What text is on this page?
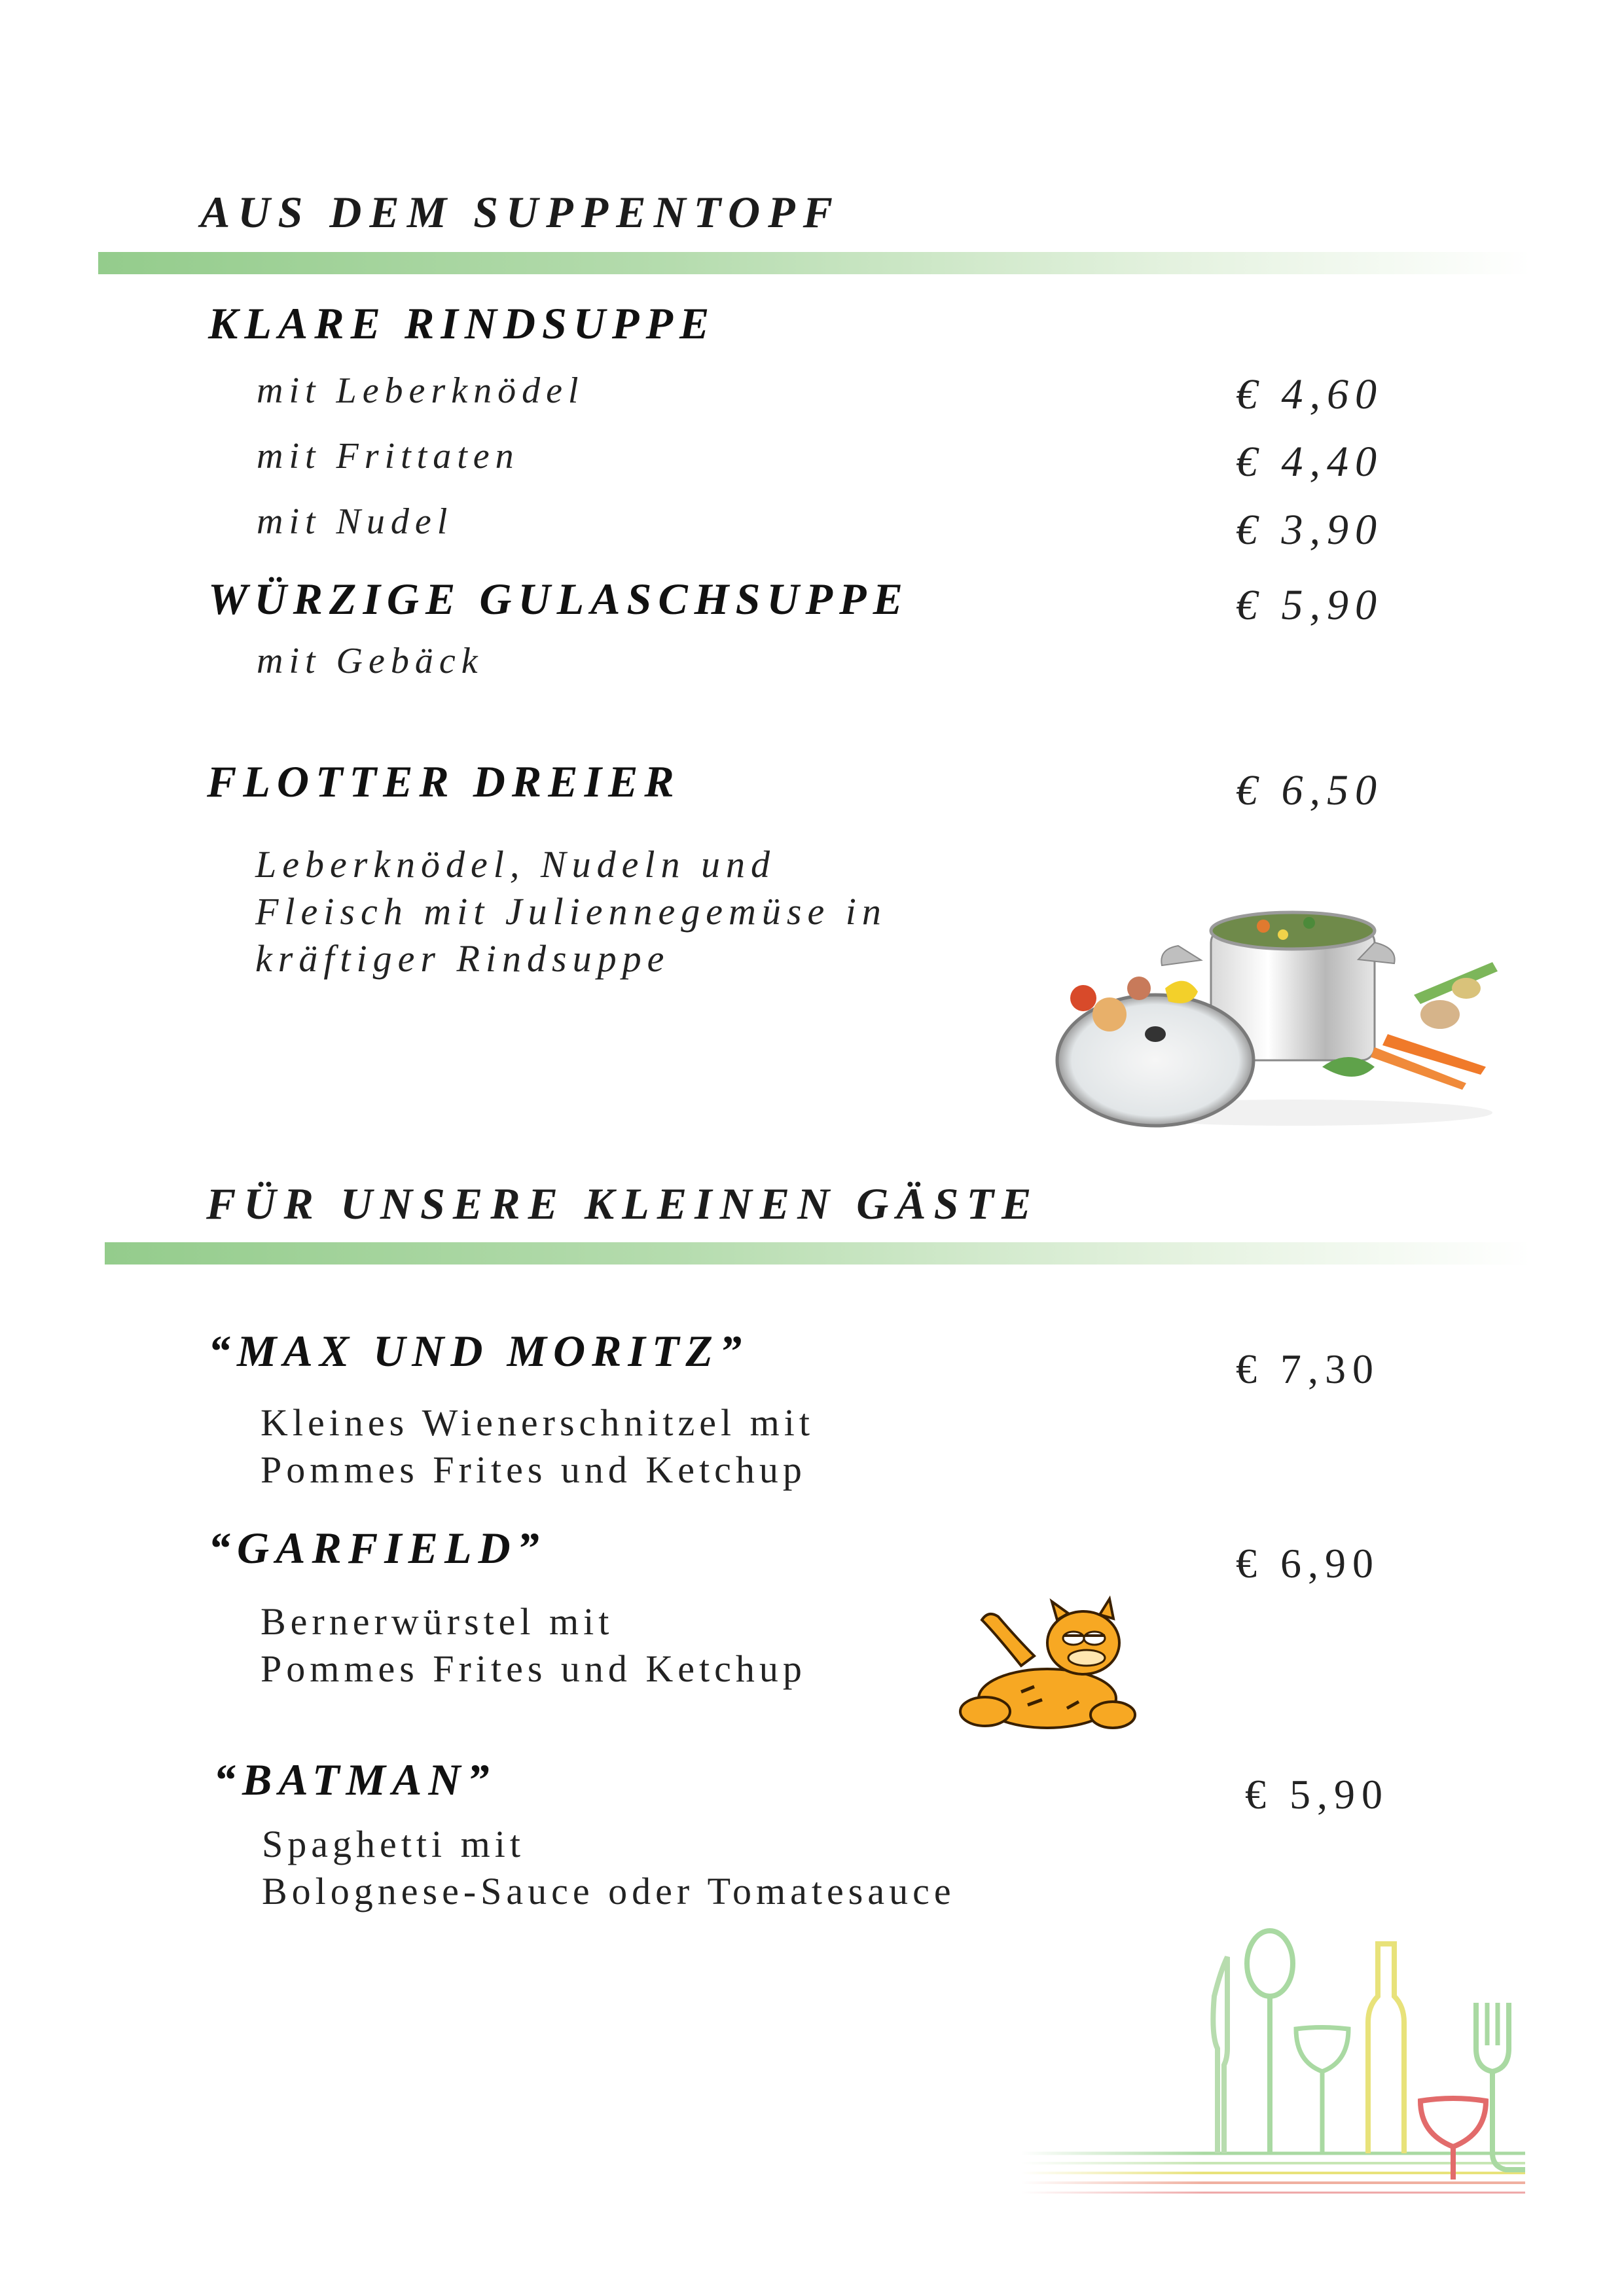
AUS DEM SUPPENTOPF
KLARE RINDSUPPE
mit Leberknödel	€ 4,60
mit Frittaten	€ 4,40
mit Nudel	€ 3,90
WÜRZIGE GULASCHSUPPE	€ 5,90
mit Gebäck
FLOTTER DREIER	€ 6,50
Leberknödel, Nudeln und
Fleisch mit Juliennegemüse in
kräftiger Rindsuppe
FÜR UNSERE KLEINEN GÄSTE
“MAX UND MORITZ”	€ 7,30
Kleines Wienerschnitzel mit
Pommes Frites und Ketchup
“GARFIELD”	€ 6,90
Bernerwürstel mit
Pommes Frites und Ketchup
“BATMAN”	€ 5,90
Spaghetti mit
Bolognese-Sauce oder Tomatesauce
